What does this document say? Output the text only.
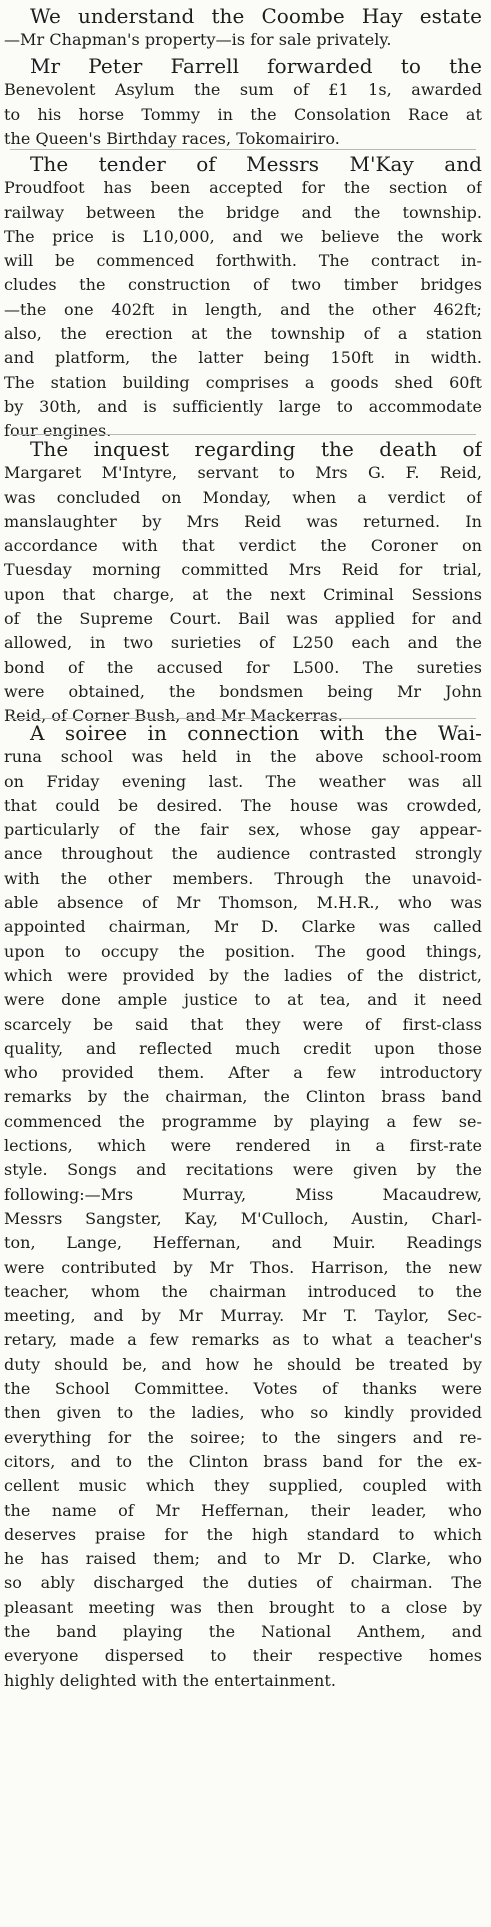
We understand the Coombe Hay estate
—Mr Chapman's property—is for sale privately.
Mr Peter Farrell forwarded to the
Benevolent Asylum the sum of £1 1s, awarded
to his horse Tommy in the Consolation Race at
the Queen's Birthday races, Tokomairiro.
The tender of Messrs M'Kay and
Proudfoot has been accepted for the section of
railway between the bridge and the township.
The price is L10,000, and we believe the work
will be commenced forthwith. The contract in-
cludes the construction of two timber bridges
—the one 402ft in length, and the other 462ft;
also, the erection at the township of a station
and platform, the latter being 150ft in width.
The station building comprises a goods shed 60ft
by 30th, and is sufficiently large to accommodate
four engines.
The inquest regarding the death of
Margaret M'Intyre, servant to Mrs G. F. Reid,
was concluded on Monday, when a verdict of
manslaughter by Mrs Reid was returned. In
accordance with that verdict the Coroner on
Tuesday morning committed Mrs Reid for trial,
upon that charge, at the next Criminal Sessions
of the Supreme Court. Bail was applied for and
allowed, in two surieties of L250 each and the
bond of the accused for L500. The sureties
were obtained, the bondsmen being Mr John
Reid, of Corner Bush, and Mr Mackerras.
A soiree in connection with the Wai-
runa school was held in the above school-room
on Friday evening last. The weather was all
that could be desired. The house was crowded,
particularly of the fair sex, whose gay appear-
ance throughout the audience contrasted strongly
with the other members. Through the unavoid-
able absence of Mr Thomson, M.H.R., who was
appointed chairman, Mr D. Clarke was called
upon to occupy the position. The good things,
which were provided by the ladies of the district,
were done ample justice to at tea, and it need
scarcely be said that they were of first-class
quality, and reflected much credit upon those
who provided them. After a few introductory
remarks by the chairman, the Clinton brass band
commenced the programme by playing a few se-
lections, which were rendered in a first-rate
style. Songs and recitations were given by the
following:—Mrs Murray, Miss Macaudrew,
Messrs Sangster, Kay, M'Culloch, Austin, Charl-
ton, Lange, Heffernan, and Muir. Readings
were contributed by Mr Thos. Harrison, the new
teacher, whom the chairman introduced to the
meeting, and by Mr Murray. Mr T. Taylor, Sec-
retary, made a few remarks as to what a teacher's
duty should be, and how he should be treated by
the School Committee. Votes of thanks were
then given to the ladies, who so kindly provided
everything for the soiree; to the singers and re-
citors, and to the Clinton brass band for the ex-
cellent music which they supplied, coupled with
the name of Mr Heffernan, their leader, who
deserves praise for the high standard to which
he has raised them; and to Mr D. Clarke, who
so ably discharged the duties of chairman. The
pleasant meeting was then brought to a close by
the band playing the National Anthem, and
everyone dispersed to their respective homes
highly delighted with the entertainment.
